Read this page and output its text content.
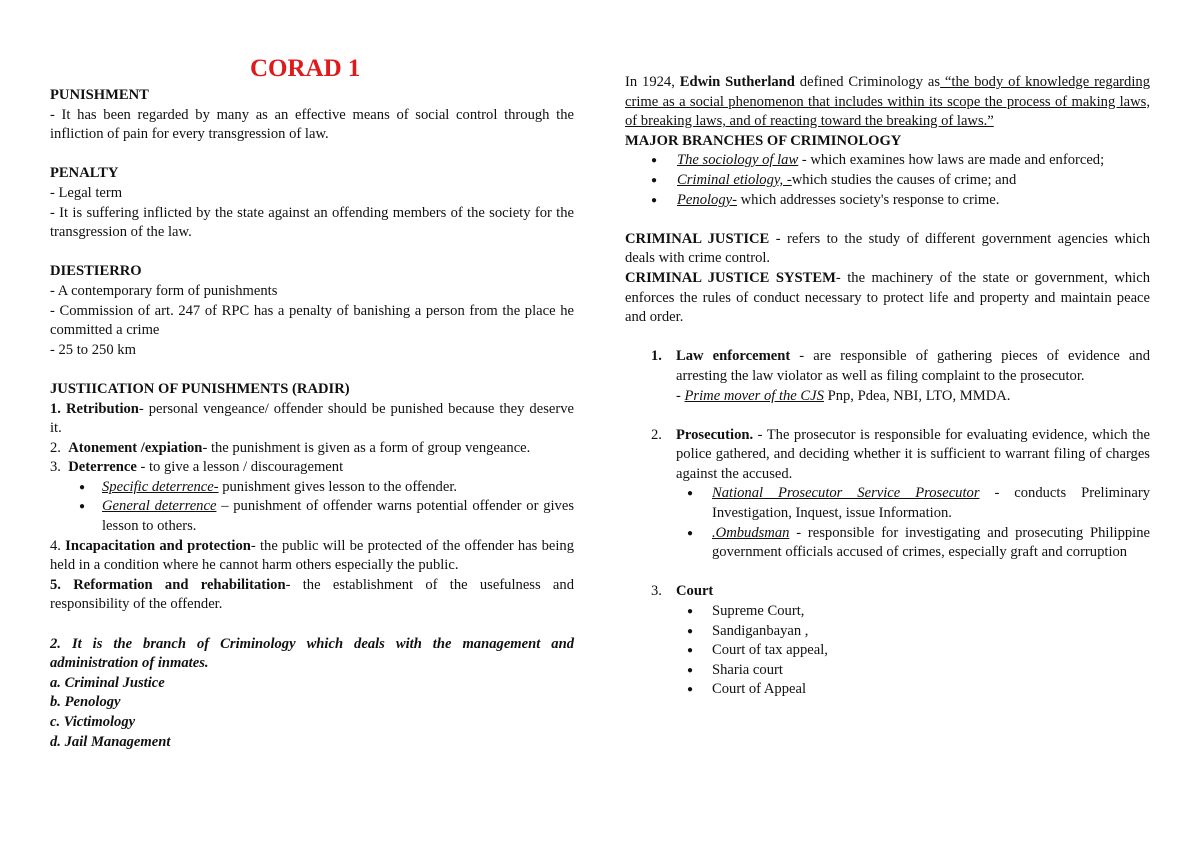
CORAD 1

PUNISHMENT

- It has been regarded by many as an effective means of social control through the infliction of pain for every transgression of law.

PENALTY

- Legal term

- It is suffering inflicted by the state against an offending members of the society for the transgression of the law.

DIESTIERRO

- A contemporary form of punishments

- Commission of art. 247 of RPC has a penalty of banishing a person from the place he committed a crime

- 25 to 250 km

JUSTIICATION OF PUNISHMENTS (RADIR)

1. Retribution- personal vengeance/ offender should be punished because they deserve it.

2. Atonement /expiation- the punishment is given as a form of group vengeance.

3. Deterrence - to give a lesson / discouragement

● Specific deterrence- punishment gives lesson to the offender.
● General deterrence – punishment of offender warns potential offender or gives lesson to others.

4. Incapacitation and protection- the public will be protected of the offender has being held in a condition where he cannot harm others especially the public.

5. Reformation and rehabilitation- the establishment of the usefulness and responsibility of the offender.

2. It is the branch of Criminology which deals with the management and administration of inmates.

a. Criminal Justice

b. Penology

c. Victimology

d. Jail Management

In 1924, Edwin Sutherland defined Criminology as “the body of knowledge regarding crime as a social phenomenon that includes within its scope the process of making laws, of breaking laws, and of reacting toward the breaking of laws.”

MAJOR BRANCHES OF CRIMINOLOGY

● The sociology of law - which examines how laws are made and enforced;
● Criminal etiology, -which studies the causes of crime; and
● Penology- which addresses society's response to crime.

CRIMINAL JUSTICE - refers to the study of different government agencies which deals with crime control.

CRIMINAL JUSTICE SYSTEM- the machinery of the state or government, which enforces the rules of conduct necessary to protect life and property and maintain peace and order.

1. Law enforcement - are responsible of gathering pieces of evidence and arresting the law violator as well as filing complaint to the prosecutor.

- Prime mover of the CJS Pnp, Pdea, NBI, LTO, MMDA.

2. Prosecution. - The prosecutor is responsible for evaluating evidence, which the police gathered, and deciding whether it is sufficient to warrant filing of charges against the accused.
● National Prosecutor Service Prosecutor - conducts Preliminary Investigation, Inquest, issue Information.
● .Ombudsman - responsible for investigating and prosecuting Philippine government officials accused of crimes, especially graft and corruption
3. Court
● Supreme Court,
● Sandiganbayan ,
● Court of tax appeal,
● Sharia court
● Court of Appeal
